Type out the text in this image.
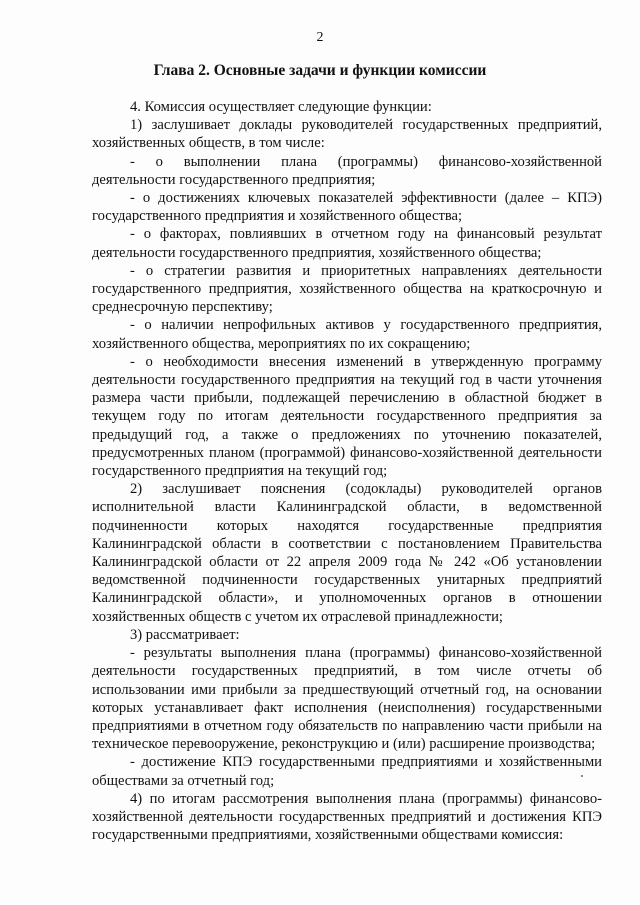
2
Глава 2. Основные задачи и функции комиссии

4. Комиссия осуществляет следующие функции:

1) заслушивает доклады руководителей государственных предприятий, хозяйственных обществ, в том числе:

- о выполнении плана (программы) финансово-хозяйственной деятельности государственного предприятия;

- о достижениях ключевых показателей эффективности (далее – КПЭ) государственного предприятия и хозяйственного общества;

- о факторах, повлиявших в отчетном году на финансовый результат деятельности государственного предприятия, хозяйственного общества;

- о стратегии развития и приоритетных направлениях деятельности государственного предприятия, хозяйственного общества на краткосрочную и среднесрочную перспективу;

- о наличии непрофильных активов у государственного предприятия, хозяйственного общества, мероприятиях по их сокращению;

- о необходимости внесения изменений в утвержденную программу деятельности государственного предприятия на текущий год в части уточнения размера части прибыли, подлежащей перечислению в областной бюджет в текущем году по итогам деятельности государственного предприятия за предыдущий год, а также о предложениях по уточнению показателей, предусмотренных планом (программой) финансово-хозяйственной деятельности государственного предприятия на текущий год;

2) заслушивает пояснения (содоклады) руководителей органов исполнительной власти Калининградской области, в ведомственной подчиненности которых находятся государственные предприятия Калининградской области в соответствии с постановлением Правительства Калининградской области от 22 апреля 2009 года № 242 «Об установлении ведомственной подчиненности государственных унитарных предприятий Калининградской области», и уполномоченных органов в отношении хозяйственных обществ с учетом их отраслевой принадлежности;

3) рассматривает:

- результаты выполнения плана (программы) финансово-хозяйственной деятельности государственных предприятий, в том числе отчеты об использовании ими прибыли за предшествующий отчетный год, на основании которых устанавливает факт исполнения (неисполнения) государственными предприятиями в отчетном году обязательств по направлению части прибыли на техническое перевооружение, реконструкцию и (или) расширение производства;

- достижение КПЭ государственными предприятиями и хозяйственными обществами за отчетный год;

4) по итогам рассмотрения выполнения плана (программы) финансово-хозяйственной деятельности государственных предприятий и достижения КПЭ государственными предприятиями, хозяйственными обществами комиссия:
